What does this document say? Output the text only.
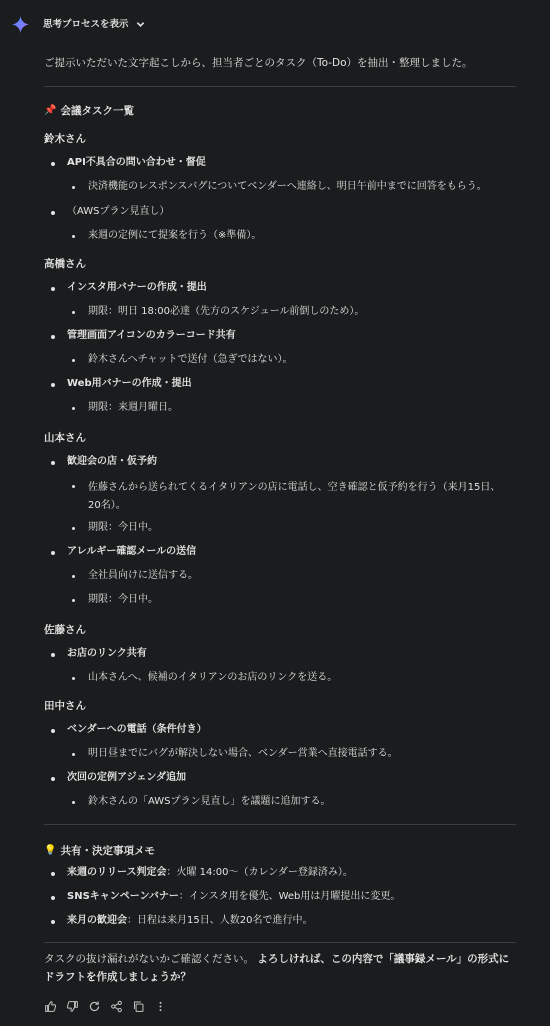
思考プロセスを表示
ご提示いただいた文字起こしから、担当者ごとのタスク（To-Do）を抽出・整理しました。
📌 会議タスク一覧
鈴木さん
API不具合の問い合わせ・督促
決済機能のレスポンスバグについてベンダーへ連絡し、明日午前中までに回答をもらう。
（AWSプラン見直し）
来週の定例にて提案を行う（※準備）。
高橋さん
インスタ用バナーの作成・提出
期限：明日 18:00必達（先方のスケジュール前倒しのため）。
管理画面アイコンのカラーコード共有
鈴木さんへチャットで送付（急ぎではない）。
Web用バナーの作成・提出
期限：来週月曜日。
山本さん
歓迎会の店・仮予約
佐藤さんから送られてくるイタリアンの店に電話し、空き確認と仮予約を行う（来月15日、20名）。
期限：今日中。
アレルギー確認メールの送信
全社員向けに送信する。
期限：今日中。
佐藤さん
お店のリンク共有
山本さんへ、候補のイタリアンのお店のリンクを送る。
田中さん
ベンダーへの電話（条件付き）
明日昼までにバグが解決しない場合、ベンダー営業へ直接電話する。
次回の定例アジェンダ追加
鈴木さんの「AWSプラン見直し」を議題に追加する。
💡 共有・決定事項メモ
来週のリリース判定会：火曜 14:00〜（カレンダー登録済み）。
SNSキャンペーンバナー：インスタ用を優先、Web用は月曜提出に変更。
来月の歓迎会：日程は来月15日、人数20名で進行中。
タスクの抜け漏れがないかご確認ください。 よろしければ、この内容で「議事録メール」の形式にドラフトを作成しましょうか？
